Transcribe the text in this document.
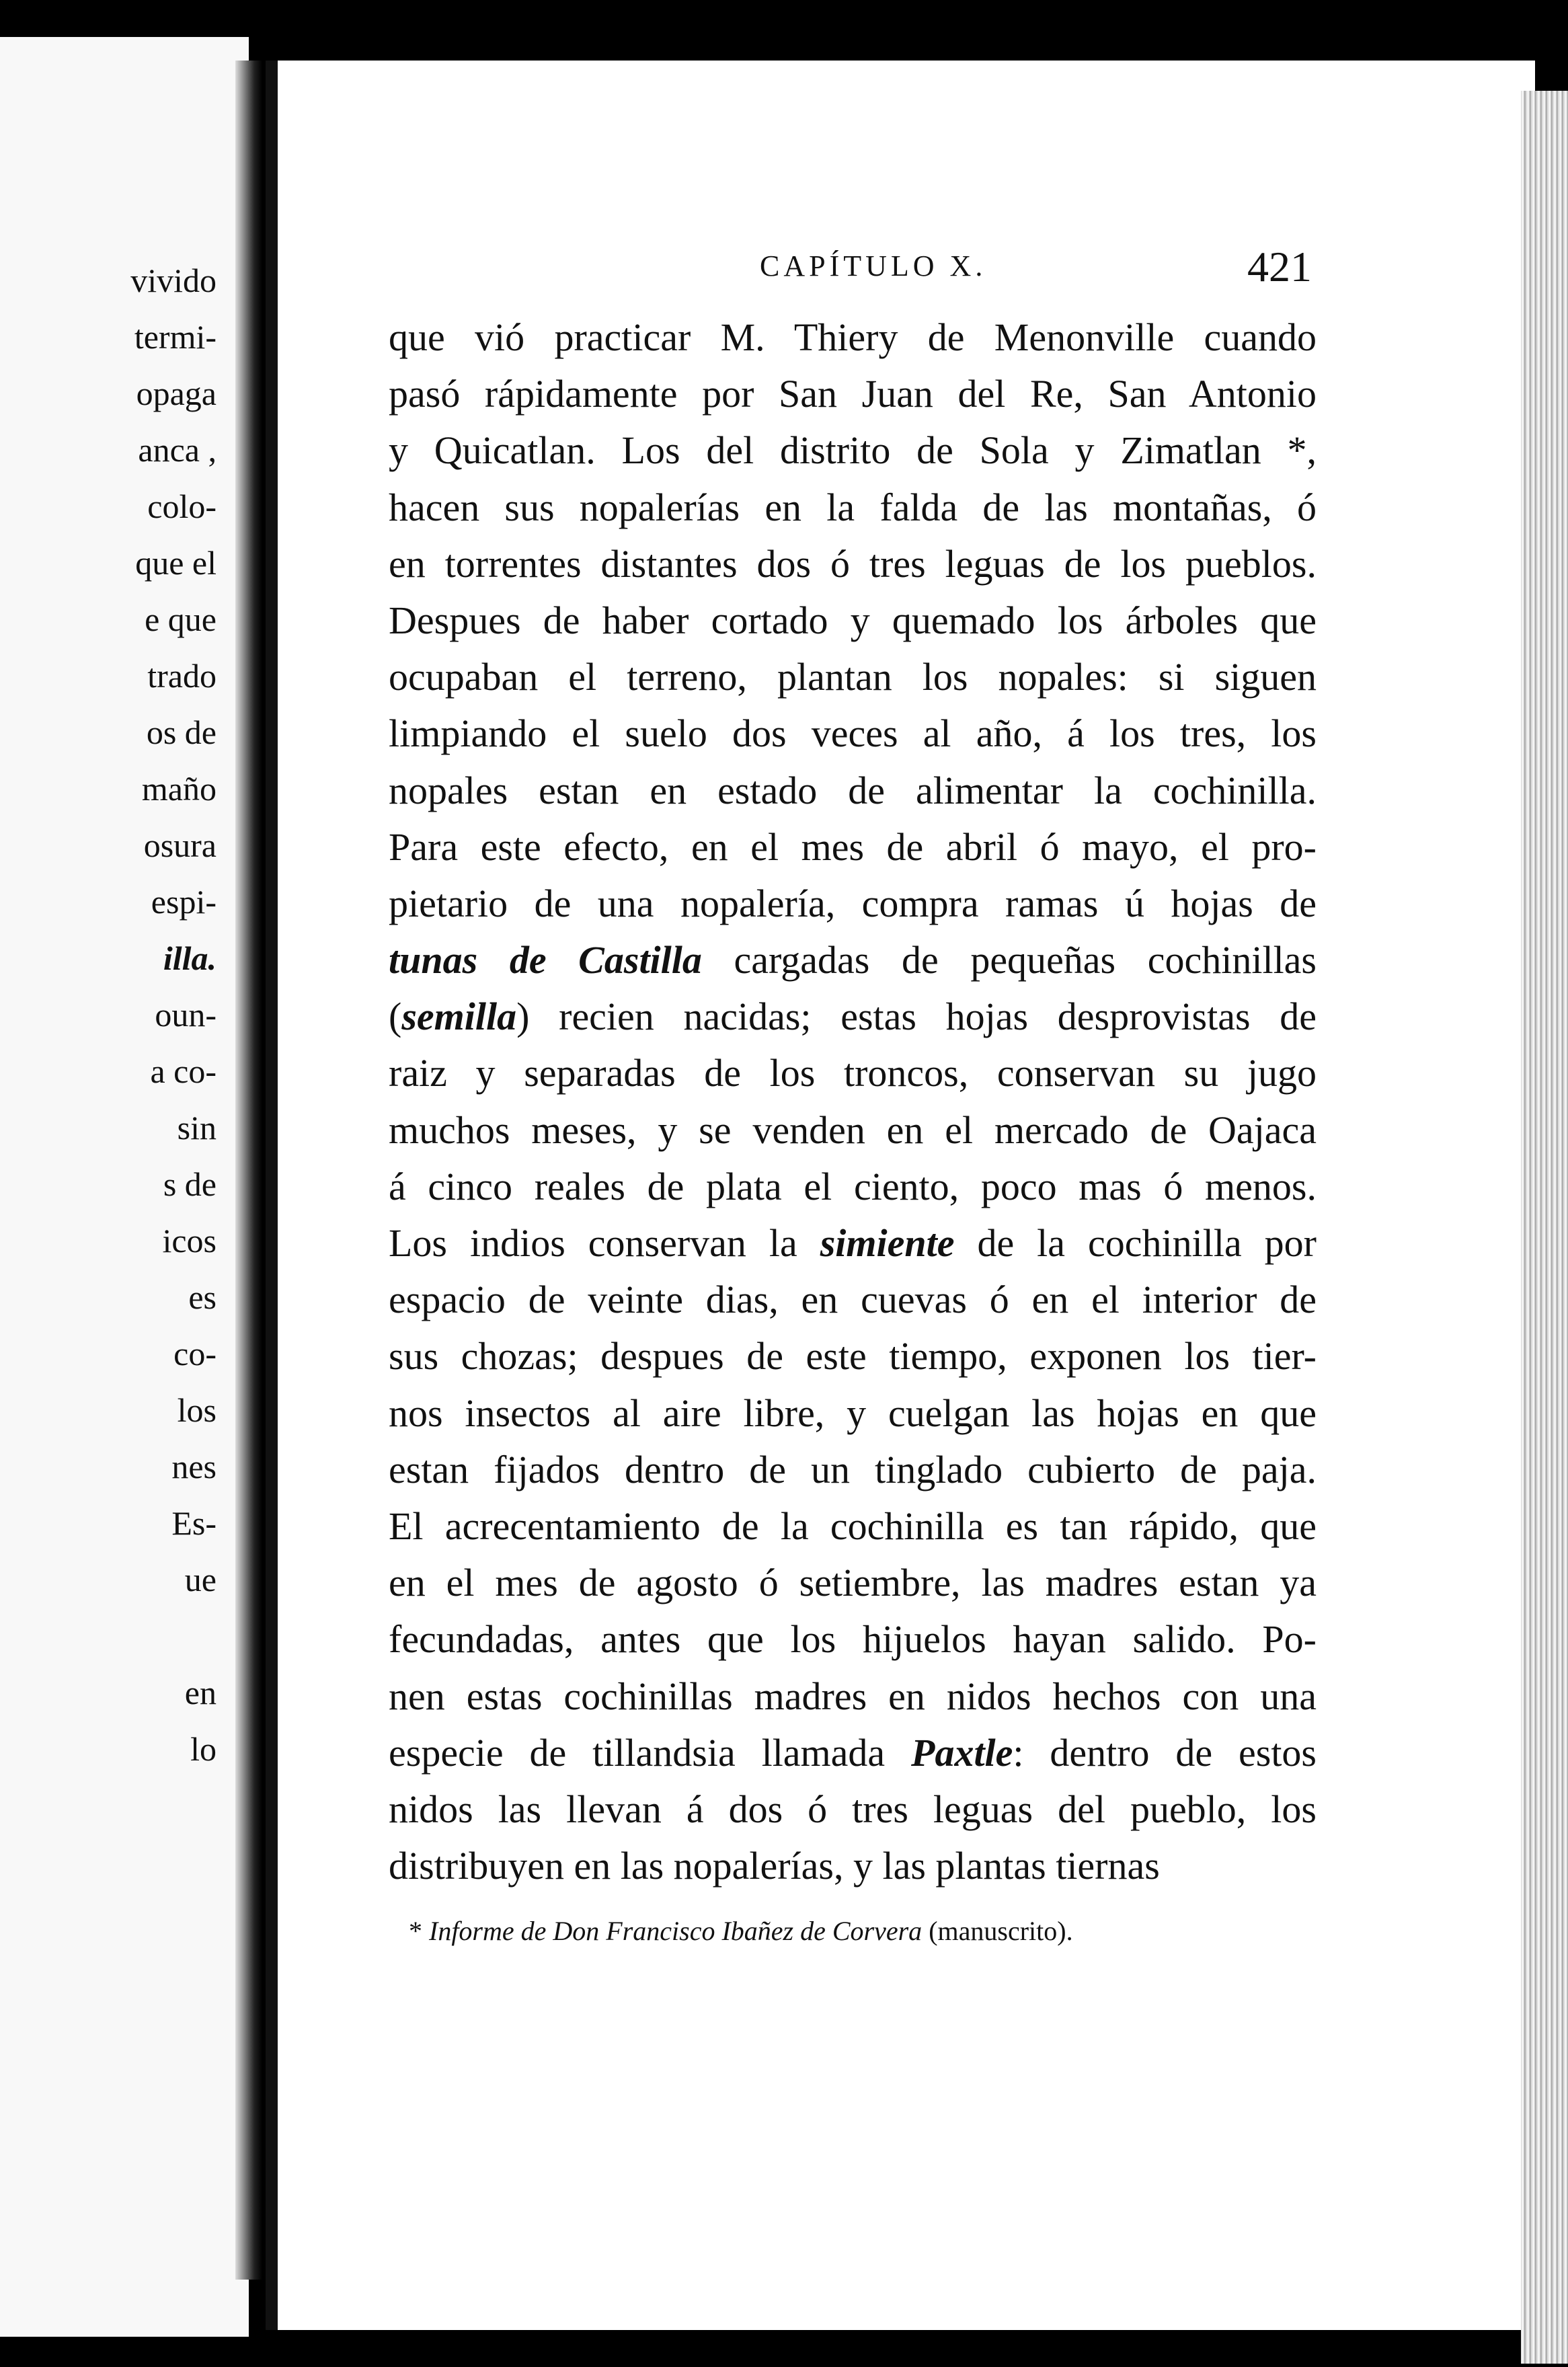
vivido
termi-
opaga
anca ,
colo-
que el
e que
trado
os de
maño
osura
espi-
illa.
oun-
a co-
sin
s de
icos
es
co-
los
nes
Es-
ue
en
lo
CAPÍTULO X.	421
que vió practicar M. Thiery de Menonville cuando
pasó rápidamente por San Juan del Re, San Antonio
y Quicatlan. Los del distrito de Sola y Zimatlan *,
hacen sus nopalerías en la falda de las montañas, ó
en torrentes distantes dos ó tres leguas de los pueblos.
Despues de haber cortado y quemado los árboles que
ocupaban el terreno, plantan los nopales: si siguen
limpiando el suelo dos veces al año, á los tres, los
nopales estan en estado de alimentar la cochinilla.
Para este efecto, en el mes de abril ó mayo, el pro-
pietario de una nopalería, compra ramas ú hojas de
tunas de Castilla cargadas de pequeñas cochinillas
(semilla) recien nacidas; estas hojas desprovistas de
raiz y separadas de los troncos, conservan su jugo
muchos meses, y se venden en el mercado de Oajaca
á cinco reales de plata el ciento, poco mas ó menos.
Los indios conservan la simiente de la cochinilla por
espacio de veinte dias, en cuevas ó en el interior de
sus chozas; despues de este tiempo, exponen los tier-
nos insectos al aire libre, y cuelgan las hojas en que
estan fijados dentro de un tinglado cubierto de paja.
El acrecentamiento de la cochinilla es tan rápido, que
en el mes de agosto ó setiembre, las madres estan ya
fecundadas, antes que los hijuelos hayan salido. Po-
nen estas cochinillas madres en nidos hechos con una
especie de tillandsia llamada Paxtle: dentro de estos
nidos las llevan á dos ó tres leguas del pueblo, los
distribuyen en las nopalerías, y las plantas tiernas
* Informe de Don Francisco Ibañez de Corvera (manuscrito).
